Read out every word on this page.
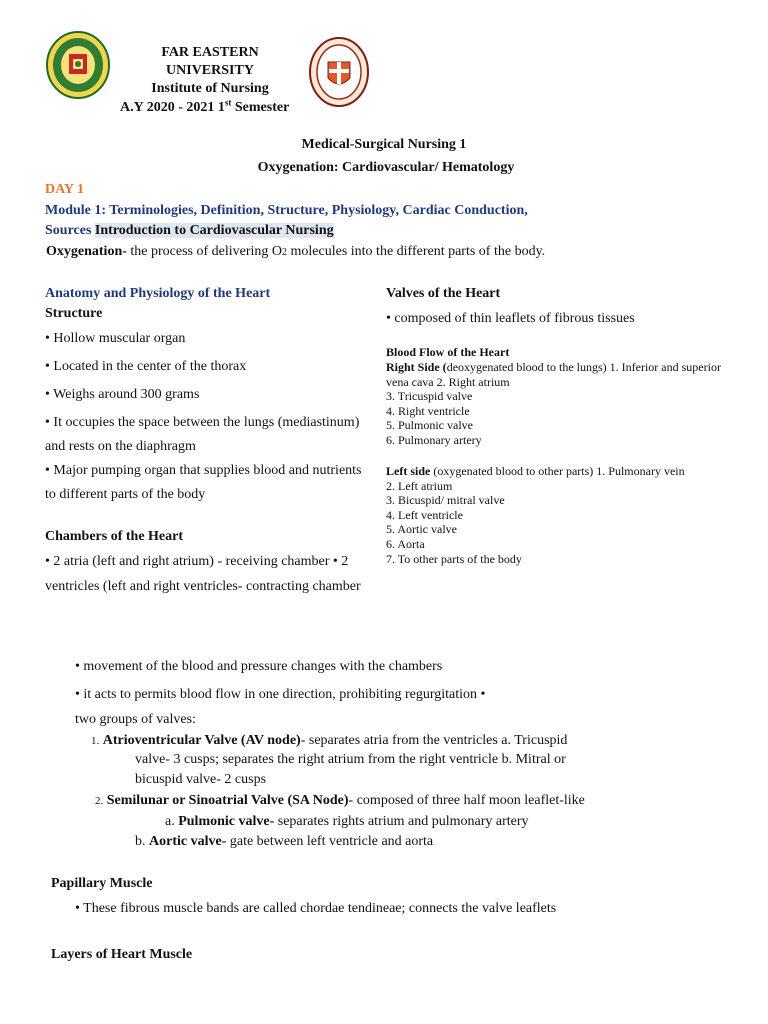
FAR EASTERN
UNIVERSITY
Institute of Nursing
A.Y 2020 - 2021 1st Semester
Medical-Surgical Nursing 1
Oxygenation: Cardiovascular/ Hematology
DAY 1
Module 1: Terminologies, Definition, Structure, Physiology, Cardiac Conduction,
Sources Introduction to Cardiovascular Nursing
Oxygenation- the process of delivering O2 molecules into the different parts of the body.
Anatomy and Physiology of the Heart
Structure
• Hollow muscular organ
• Located in the center of the thorax
• Weighs around 300 grams
• It occupies the space between the lungs (mediastinum)
and rests on the diaphragm
• Major pumping organ that supplies blood and nutrients
to different parts of the body
Chambers of the Heart
• 2 atria (left and right atrium) - receiving chamber • 2
ventricles (left and right ventricles- contracting chamber
Valves of the Heart
• composed of thin leaflets of fibrous tissues
Blood Flow of the Heart
Right Side (deoxygenated blood to the lungs) 1. Inferior and superior
vena cava 2. Right atrium
3. Tricuspid valve
4. Right ventricle
5. Pulmonic valve
6. Pulmonary artery
Left side (oxygenated blood to other parts) 1. Pulmonary vein
2. Left atrium
3. Bicuspid/ mitral valve
4. Left ventricle
5. Aortic valve
6. Aorta
7. To other parts of the body
• movement of the blood and pressure changes with the chambers
• it acts to permits blood flow in one direction, prohibiting regurgitation •
two groups of valves:
1. Atrioventricular Valve (AV node)- separates atria from the ventricles a. Tricuspid
valve- 3 cusps; separates the right atrium from the right ventricle b. Mitral or
bicuspid valve- 2 cusps
2. Semilunar or Sinoatrial Valve (SA Node)- composed of three half moon leaflet-like
a. Pulmonic valve- separates rights atrium and pulmonary artery
b. Aortic valve- gate between left ventricle and aorta
Papillary Muscle
• These fibrous muscle bands are called chordae tendineae; connects the valve leaflets
Layers of Heart Muscle
